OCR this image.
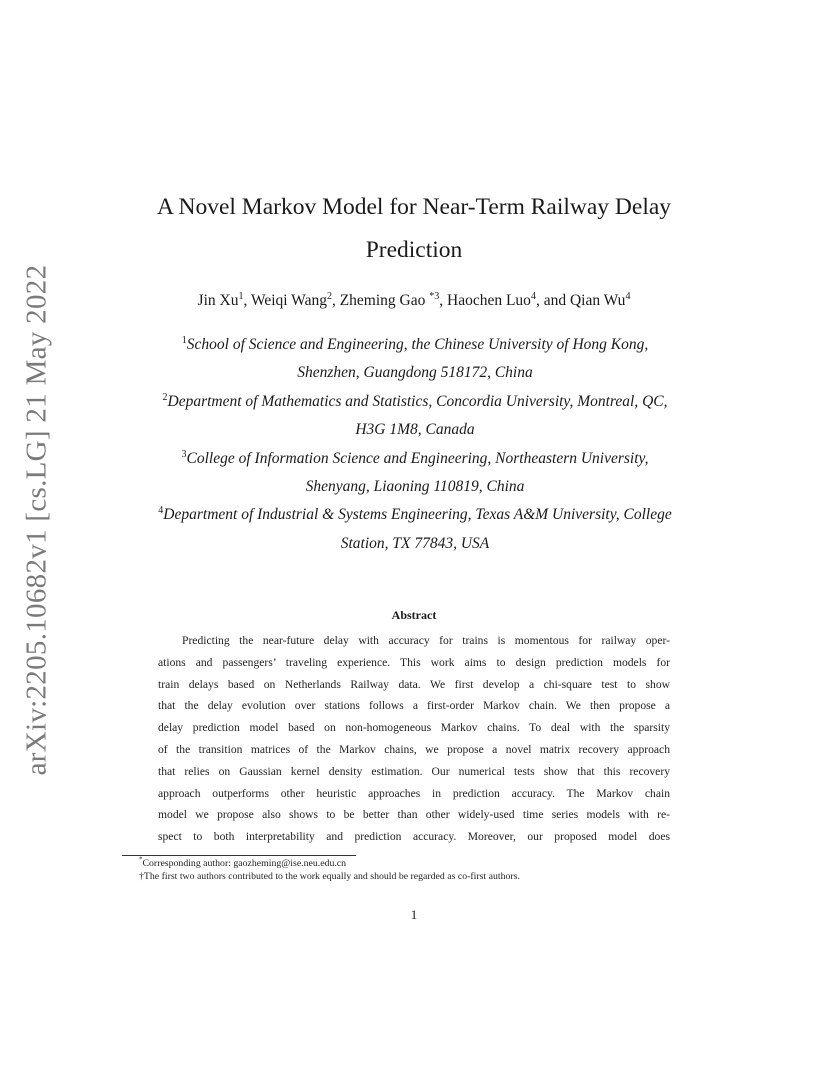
arXiv:2205.10682v1 [cs.LG] 21 May 2022
A Novel Markov Model for Near-Term Railway Delay
Prediction
Jin Xu$^1$, Weiqi Wang$^2$, Zheming Gao $^{*3}$, Haochen Luo$^4$, and Qian Wu$^4$
$^1$School of Science and Engineering, the Chinese University of Hong Kong,
Shenzhen, Guangdong 518172, China
$^2$Department of Mathematics and Statistics, Concordia University, Montreal, QC,
H3G 1M8, Canada
$^3$College of Information Science and Engineering, Northeastern University,
Shenyang, Liaoning 110819, China
$^4$Department of Industrial & Systems Engineering, Texas A&M University, College
Station, TX 77843, USA
Abstract
Predicting the near-future delay with accuracy for trains is momentous for railway oper-
ations and passengers’ traveling experience. This work aims to design prediction models for
train delays based on Netherlands Railway data. We first develop a chi-square test to show
that the delay evolution over stations follows a first-order Markov chain. We then propose a
delay prediction model based on non-homogeneous Markov chains. To deal with the sparsity
of the transition matrices of the Markov chains, we propose a novel matrix recovery approach
that relies on Gaussian kernel density estimation. Our numerical tests show that this recovery
approach outperforms other heuristic approaches in prediction accuracy. The Markov chain
model we propose also shows to be better than other widely-used time series models with re-
spect to both interpretability and prediction accuracy. Moreover, our proposed model does
*Corresponding author: gaozheming@ise.neu.edu.cn
†The first two authors contributed to the work equally and should be regarded as co-first authors.
1
